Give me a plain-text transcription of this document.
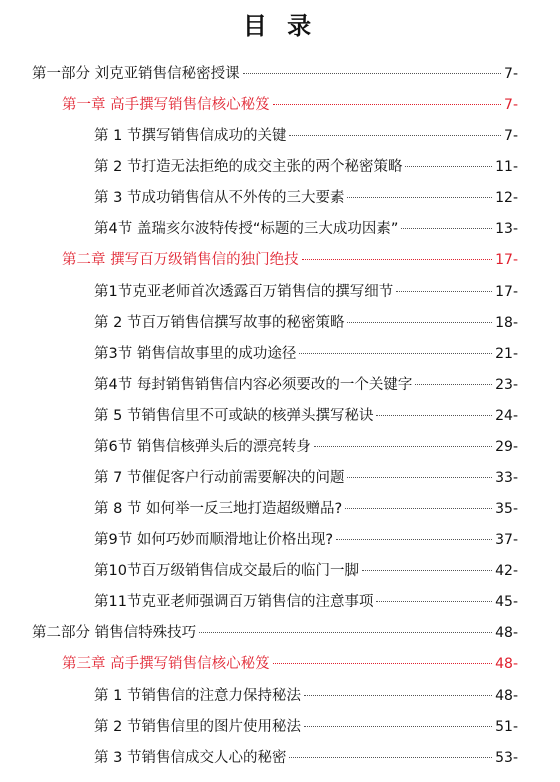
目 录
第一部分 刘克亚销售信秘密授课	7-
第一章 高手撰写销售信核心秘笈	7-
第 1 节撰写销售信成功的关键	7-
第 2 节打造无法拒绝的成交主张的两个秘密策略	11-
第 3 节成功销售信从不外传的三大要素	12-
第4节 盖瑞亥尔波特传授“标题的三大成功因素”	13-
第二章 撰写百万级销售信的独门绝技	17-
第1节克亚老师首次透露百万销售信的撰写细节	17-
第 2 节百万销售信撰写故事的秘密策略	18-
第3节 销售信故事里的成功途径	21-
第4节 每封销售销售信内容必须要改的一个关键字	23-
第 5 节销售信里不可或缺的核弹头撰写秘诀	24-
第6节 销售信核弹头后的漂亮转身	29-
第 7 节催促客户行动前需要解决的问题	33-
第 8 节 如何举一反三地打造超级赠品?	35-
第9节 如何巧妙而顺滑地让价格出现?	37-
第10节百万级销售信成交最后的临门一脚	42-
第11节克亚老师强调百万销售信的注意事项	45-
第二部分 销售信特殊技巧	48-
第三章 高手撰写销售信核心秘笈	48-
第 1 节销售信的注意力保持秘法	48-
第 2 节销售信里的图片使用秘法	51-
第 3 节销售信成交人心的秘密	53-
